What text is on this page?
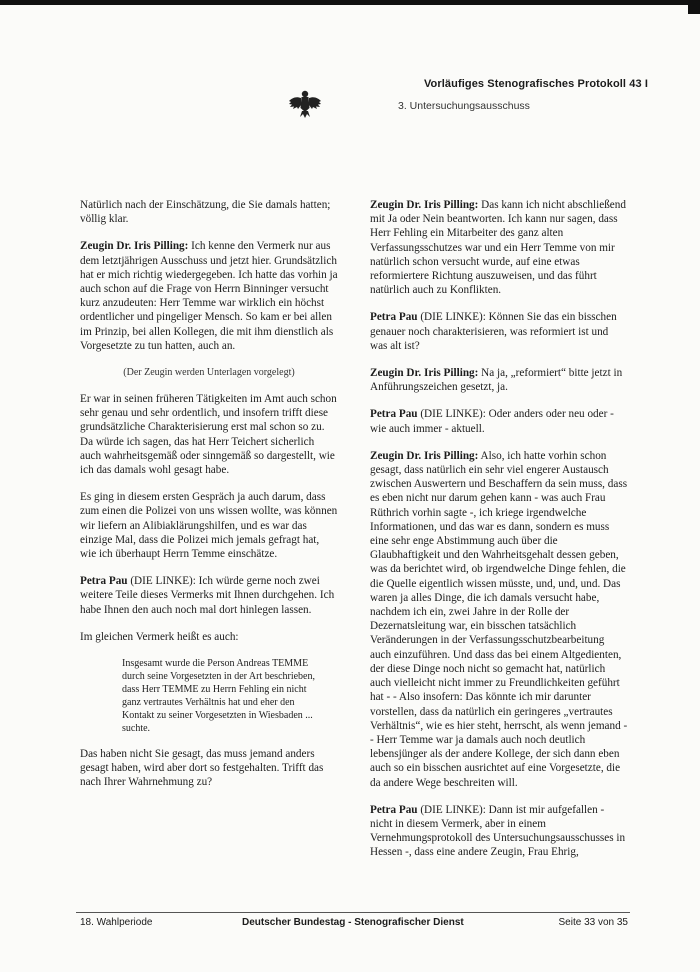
Vorläufiges Stenografisches Protokoll 43 I
3. Untersuchungsausschuss

Natürlich nach der Einschätzung, die Sie damals hatten; völlig klar.

Zeugin Dr. Iris Pilling: Ich kenne den Vermerk nur aus dem letztjährigen Ausschuss und jetzt hier. Grundsätzlich hat er mich richtig wiedergegeben. Ich hatte das vorhin ja auch schon auf die Frage von Herrn Binninger versucht kurz anzudeuten: Herr Temme war wirklich ein höchst ordentlicher und pingeliger Mensch. So kam er bei allen im Prinzip, bei allen Kollegen, die mit ihm dienstlich als Vorgesetzte zu tun hatten, auch an.

(Der Zeugin werden Unterlagen vorgelegt)

Er war in seinen früheren Tätigkeiten im Amt auch schon sehr genau und sehr ordentlich, und insofern trifft diese grundsätzliche Charakterisierung erst mal schon so zu. Da würde ich sagen, das hat Herr Teichert sicherlich auch wahrheitsgemäß oder sinngemäß so dargestellt, wie ich das damals wohl gesagt habe.

Es ging in diesem ersten Gespräch ja auch darum, dass zum einen die Polizei von uns wissen wollte, was können wir liefern an Alibiaklärungshilfen, und es war das einzige Mal, dass die Polizei mich jemals gefragt hat, wie ich überhaupt Herrn Temme einschätze.

Petra Pau (DIE LINKE): Ich würde gerne noch zwei weitere Teile dieses Vermerks mit Ihnen durchgehen. Ich habe Ihnen den auch noch mal dort hinlegen lassen.

Im gleichen Vermerk heißt es auch:

Insgesamt wurde die Person Andreas TEMME durch seine Vorgesetzten in der Art beschrieben, dass Herr TEMME zu Herrn Fehling ein nicht ganz vertrautes Verhältnis hat und eher den Kontakt zu seiner Vorgesetzten in Wiesbaden ... suchte.

Das haben nicht Sie gesagt, das muss jemand anders gesagt haben, wird aber dort so festgehalten. Trifft das nach Ihrer Wahrnehmung zu?

Zeugin Dr. Iris Pilling: Das kann ich nicht abschließend mit Ja oder Nein beantworten. Ich kann nur sagen, dass Herr Fehling ein Mitarbeiter des ganz alten Verfassungsschutzes war und ein Herr Temme von mir natürlich schon versucht wurde, auf eine etwas reformiertere Richtung auszuweisen, und das führt natürlich auch zu Konflikten.

Petra Pau (DIE LINKE): Können Sie das ein bisschen genauer noch charakterisieren, was reformiert ist und was alt ist?

Zeugin Dr. Iris Pilling: Na ja, „reformiert“ bitte jetzt in Anführungszeichen gesetzt, ja.

Petra Pau (DIE LINKE): Oder anders oder neu oder - wie auch immer - aktuell.

Zeugin Dr. Iris Pilling: Also, ich hatte vorhin schon gesagt, dass natürlich ein sehr viel engerer Austausch zwischen Auswertern und Beschaffern da sein muss, dass es eben nicht nur darum gehen kann - was auch Frau Rüthrich vorhin sagte -, ich kriege irgendwelche Informationen, und das war es dann, sondern es muss eine sehr enge Abstimmung auch über die Glaubhaftigkeit und den Wahrheitsgehalt dessen geben, was da berichtet wird, ob irgendwelche Dinge fehlen, die die Quelle eigentlich wissen müsste, und, und, und. Das waren ja alles Dinge, die ich damals versucht habe, nachdem ich ein, zwei Jahre in der Rolle der Dezernatsleitung war, ein bisschen tatsächlich Veränderungen in der Verfassungsschutzbearbeitung auch einzuführen. Und dass das bei einem Altgedienten, der diese Dinge noch nicht so gemacht hat, natürlich auch vielleicht nicht immer zu Freundlichkeiten geführt hat - - Also insofern: Das könnte ich mir darunter vorstellen, dass da natürlich ein geringeres „vertrautes Verhältnis“, wie es hier steht, herrscht, als wenn jemand - - Herr Temme war ja damals auch noch deutlich lebensjünger als der andere Kollege, der sich dann eben auch so ein bisschen ausrichtet auf eine Vorgesetzte, die da andere Wege beschreiten will.

Petra Pau (DIE LINKE): Dann ist mir aufgefallen - nicht in diesem Vermerk, aber in einem Vernehmungsprotokoll des Untersuchungsausschusses in Hessen -, dass eine andere Zeugin, Frau Ehrig,

18. Wahlperiode	Deutscher Bundestag - Stenografischer Dienst	Seite 33 von 35
